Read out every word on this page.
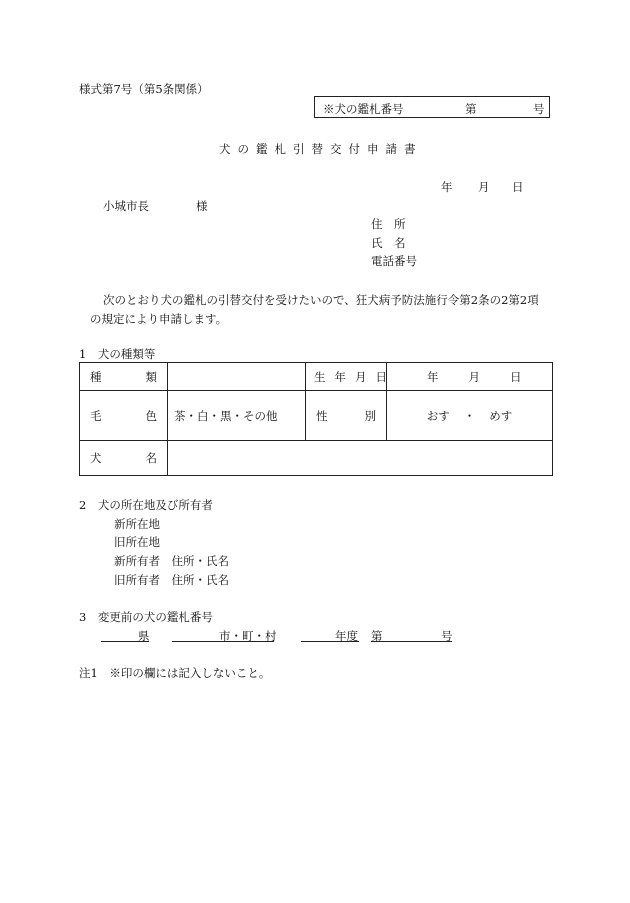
様式第7号（第5条関係）
※犬の鑑札番号	第	号
犬の鑑札引替交付申請書
年 月 日
小城市長	様
住　所
氏　名
電話番号
次のとおり犬の鑑札の引替交付を受けたいので、狂犬病予防法施行令第2条の2第2項
の規定により申請します。
1　犬の種類等
種 類		生 年 月 日	年 月 日

毛 色	茶・白・黒・その他	性 別	おす ・ めす

犬 名			

2　犬の所在地及び所有者
新所在地
旧所在地
新所有者　住所・氏名
旧所有者　住所・氏名
3　変更前の犬の鑑札番号
県	市・町・村	年度 第	号
注1　※印の欄には記入しないこと。
